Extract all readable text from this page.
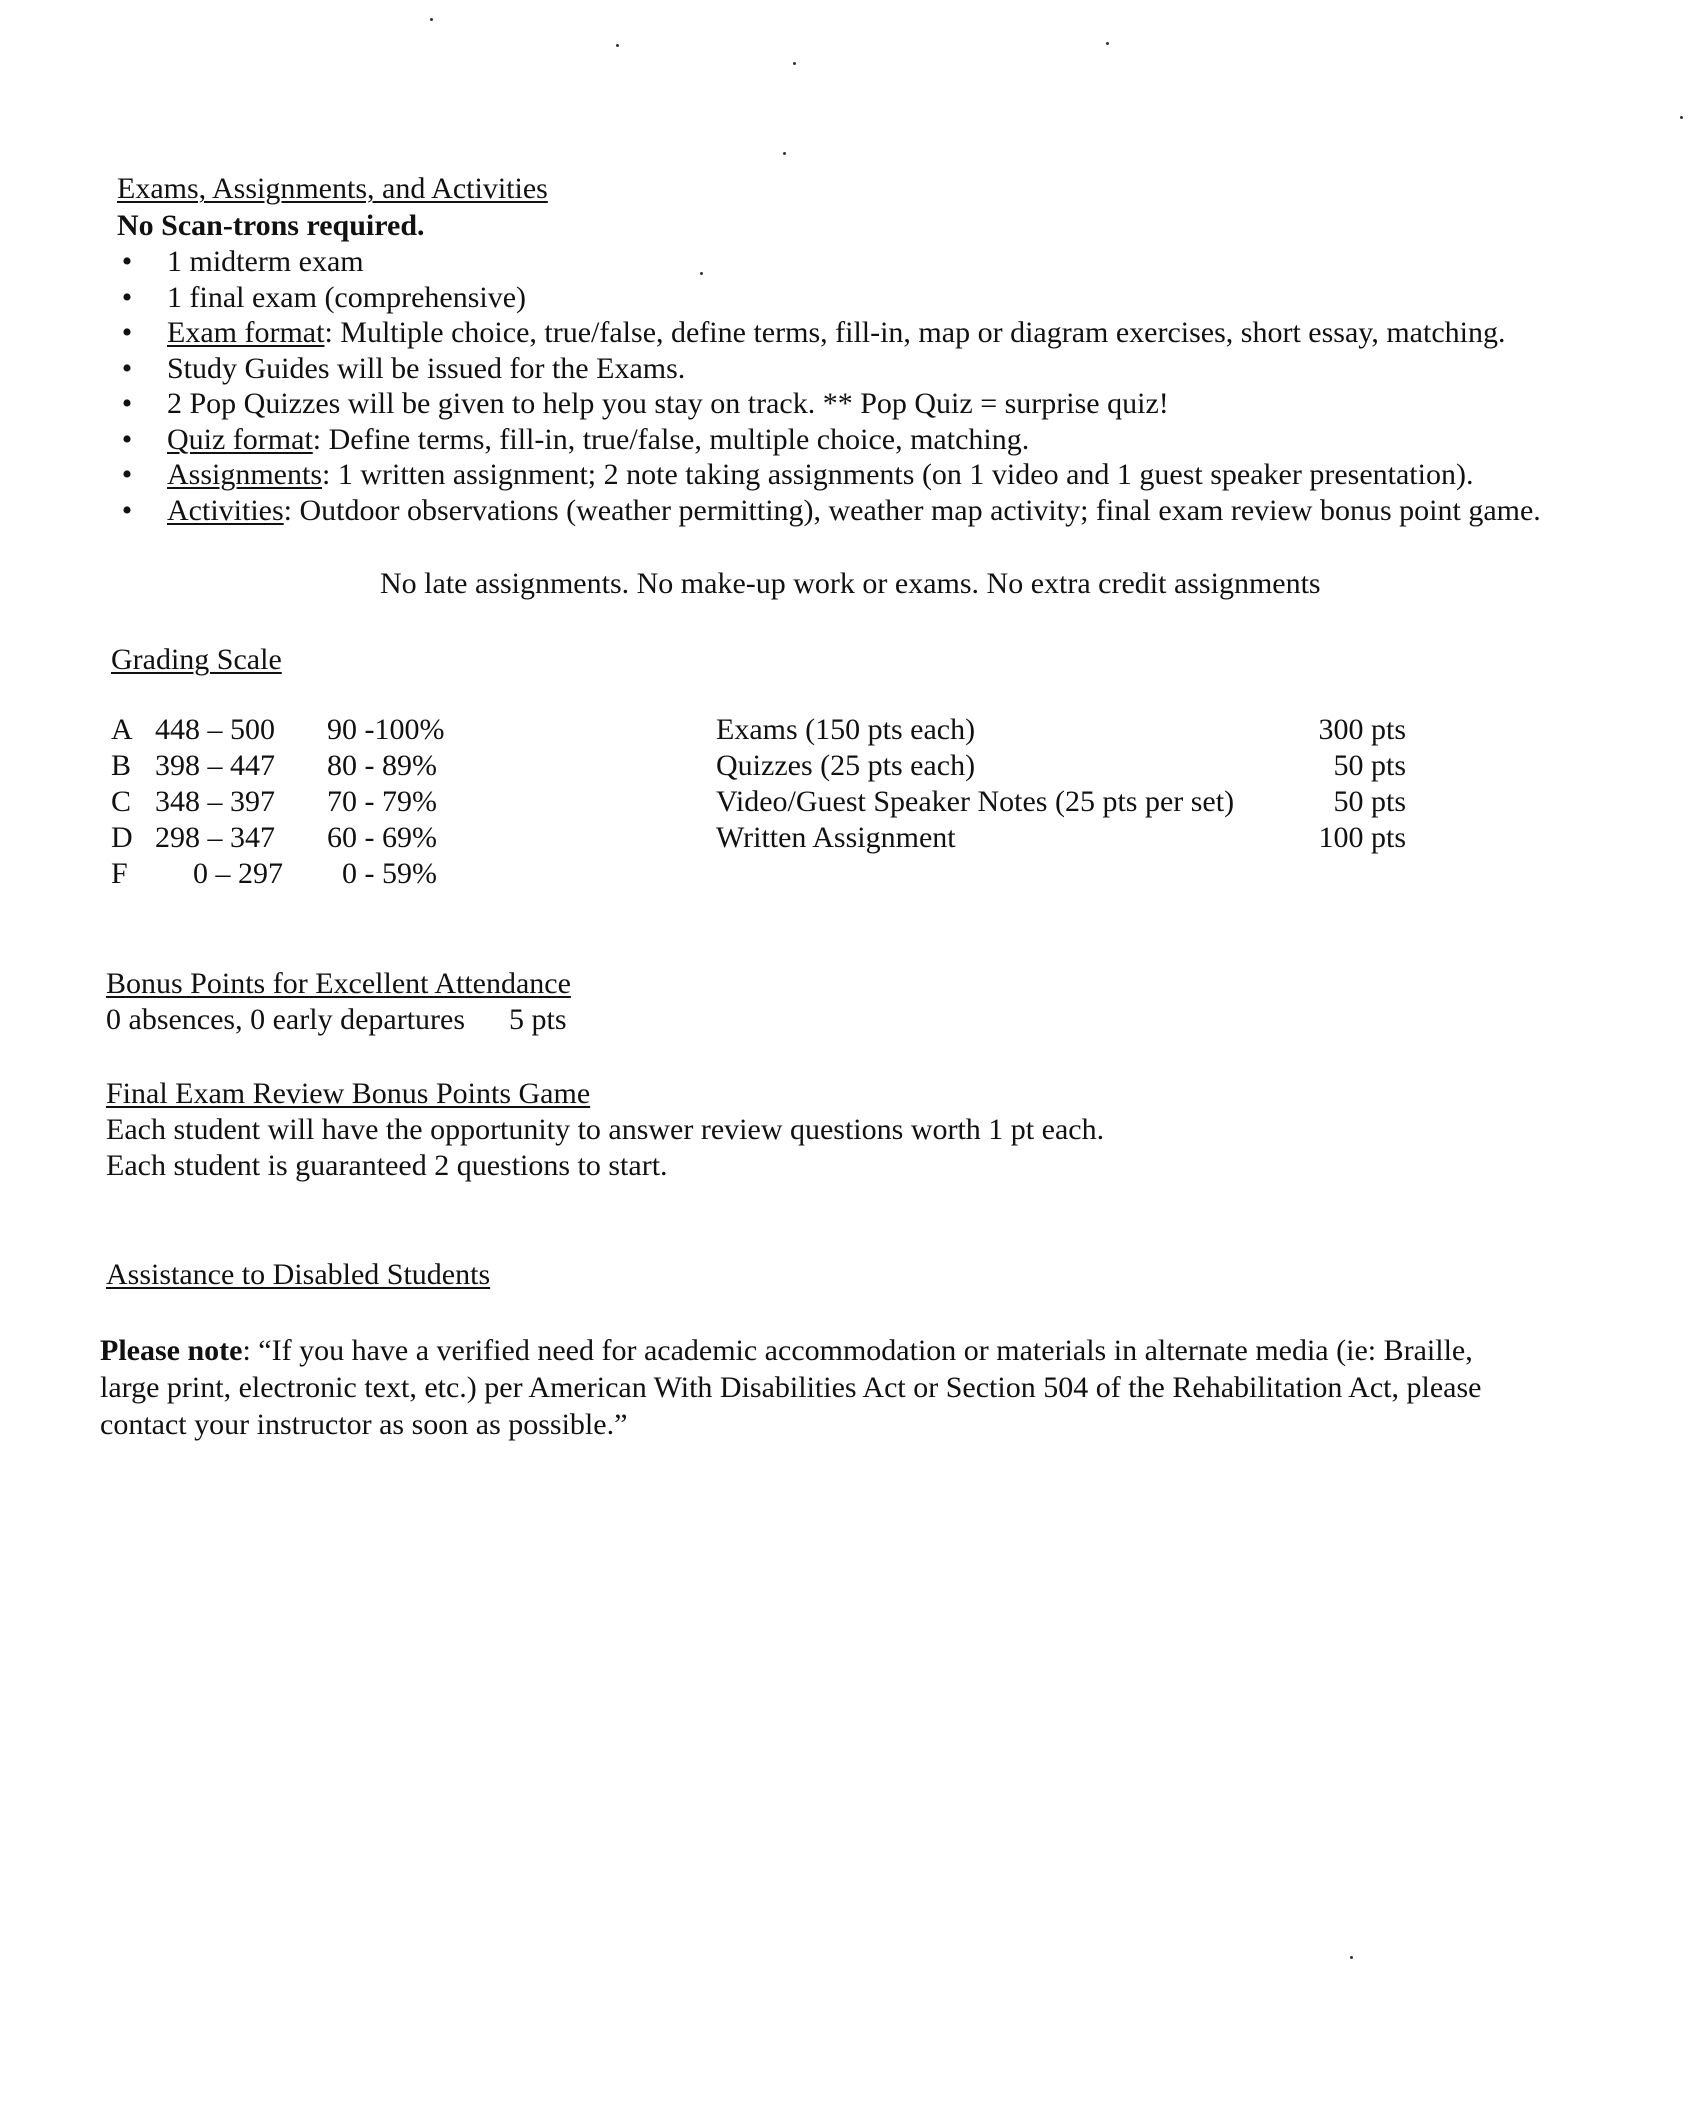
Exams, Assignments, and Activities
No Scan-trons required.
• 1 midterm exam
• 1 final exam (comprehensive)
• Exam format: Multiple choice, true/false, define terms, fill-in, map or diagram exercises, short essay, matching.
• Study Guides will be issued for the Exams.
• 2 Pop Quizzes will be given to help you stay on track. ** Pop Quiz = surprise quiz!
• Quiz format: Define terms, fill-in, true/false, multiple choice, matching.
• Assignments: 1 written assignment; 2 note taking assignments (on 1 video and 1 guest speaker presentation).
• Activities: Outdoor observations (weather permitting), weather map activity; final exam review bonus point game.
No late assignments. No make-up work or exams. No extra credit assignments
Grading Scale
A	448 – 500	90 -100%
B	398 – 447	80 - 89%
C	348 – 397	70 - 79%
D	298 – 347	60 - 69%
F	0 – 297	0 - 59%
Exams (150 pts each)	300 pts
Quizzes (25 pts each)	50 pts
Video/Guest Speaker Notes (25 pts per set)	50 pts
Written Assignment	100 pts
Bonus Points for Excellent Attendance
0 absences, 0 early departures 5 pts
Final Exam Review Bonus Points Game

Each student will have the opportunity to answer review questions worth 1 pt each.

Each student is guaranteed 2 questions to start.

Assistance to Disabled Students

Please note: “If you have a verified need for academic accommodation or materials in alternate media (ie: Braille,

large print, electronic text, etc.) per American With Disabilities Act or Section 504 of the Rehabilitation Act, please

contact your instructor as soon as possible.”
